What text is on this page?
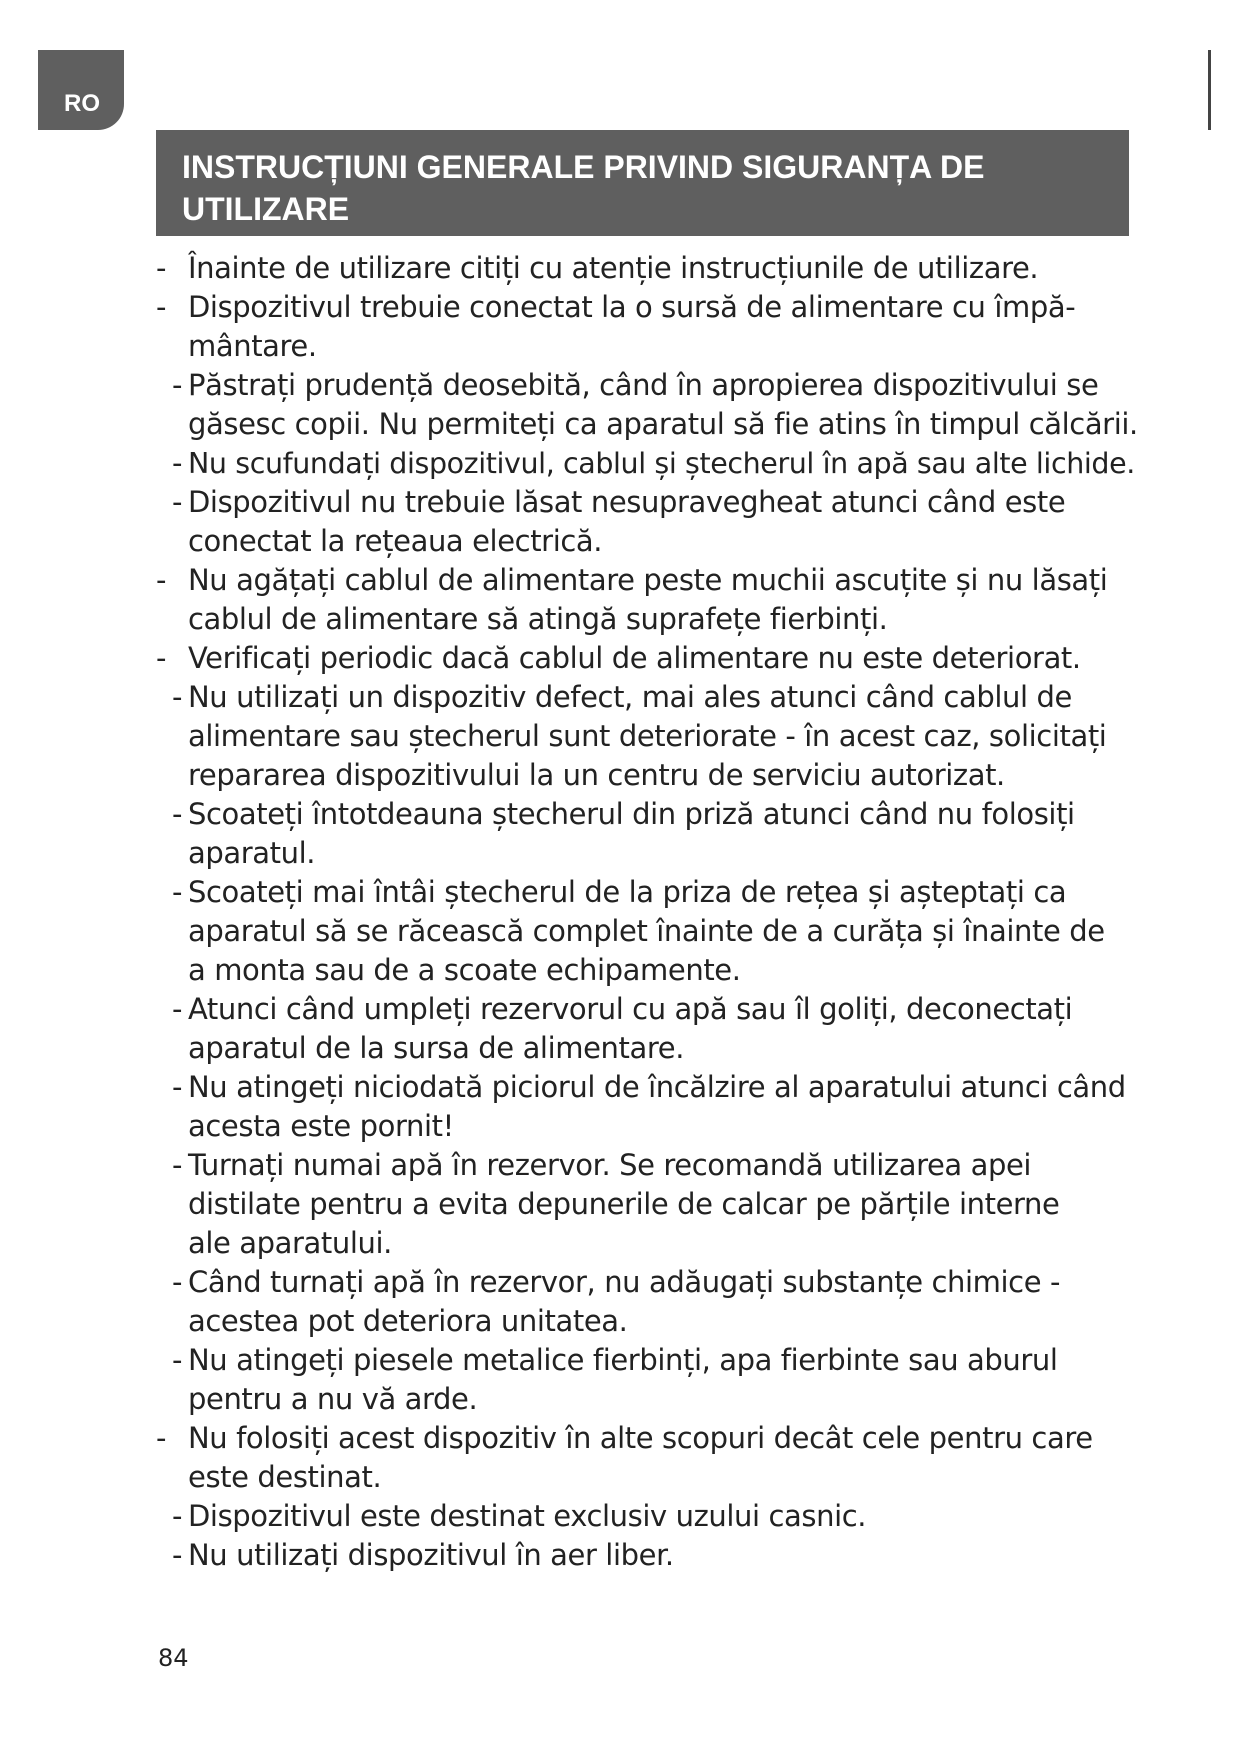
RO
INSTRUCȚIUNI GENERALE PRIVIND SIGURANȚA DE
UTILIZARE
- Înainte de utilizare citiți cu atenție instrucțiunile de utilizare.
- Dispozitivul trebuie conectat la o sursă de alimentare cu împă-
mântare.
- Păstrați prudență deosebită, când în apropierea dispozitivului se
găsesc copii. Nu permiteți ca aparatul să fie atins în timpul călcării.
- Nu scufundați dispozitivul, cablul și ștecherul în apă sau alte lichide.
- Dispozitivul nu trebuie lăsat nesupravegheat atunci când este
conectat la rețeaua electrică.
- Nu agățați cablul de alimentare peste muchii ascuțite și nu lăsați
cablul de alimentare să atingă suprafețe fierbinți.
- Verificați periodic dacă cablul de alimentare nu este deteriorat.
- Nu utilizați un dispozitiv defect, mai ales atunci când cablul de
alimentare sau ștecherul sunt deteriorate - în acest caz, solicitați
repararea dispozitivului la un centru de serviciu autorizat.
- Scoateți întotdeauna ștecherul din priză atunci când nu folosiți
aparatul.
- Scoateți mai întâi ștecherul de la priza de rețea și așteptați ca
aparatul să se răcească complet înainte de a curăța și înainte de
a monta sau de a scoate echipamente.
- Atunci când umpleți rezervorul cu apă sau îl goliți, deconectați
aparatul de la sursa de alimentare.
- Nu atingeți niciodată piciorul de încălzire al aparatului atunci când
acesta este pornit!
- Turnați numai apă în rezervor. Se recomandă utilizarea apei
distilate pentru a evita depunerile de calcar pe părțile interne
ale aparatului.
- Când turnați apă în rezervor, nu adăugați substanțe chimice -
acestea pot deteriora unitatea.
- Nu atingeți piesele metalice fierbinți, apa fierbinte sau aburul
pentru a nu vă arde.
- Nu folosiți acest dispozitiv în alte scopuri decât cele pentru care
este destinat.
- Dispozitivul este destinat exclusiv uzului casnic.
- Nu utilizați dispozitivul în aer liber.
84
